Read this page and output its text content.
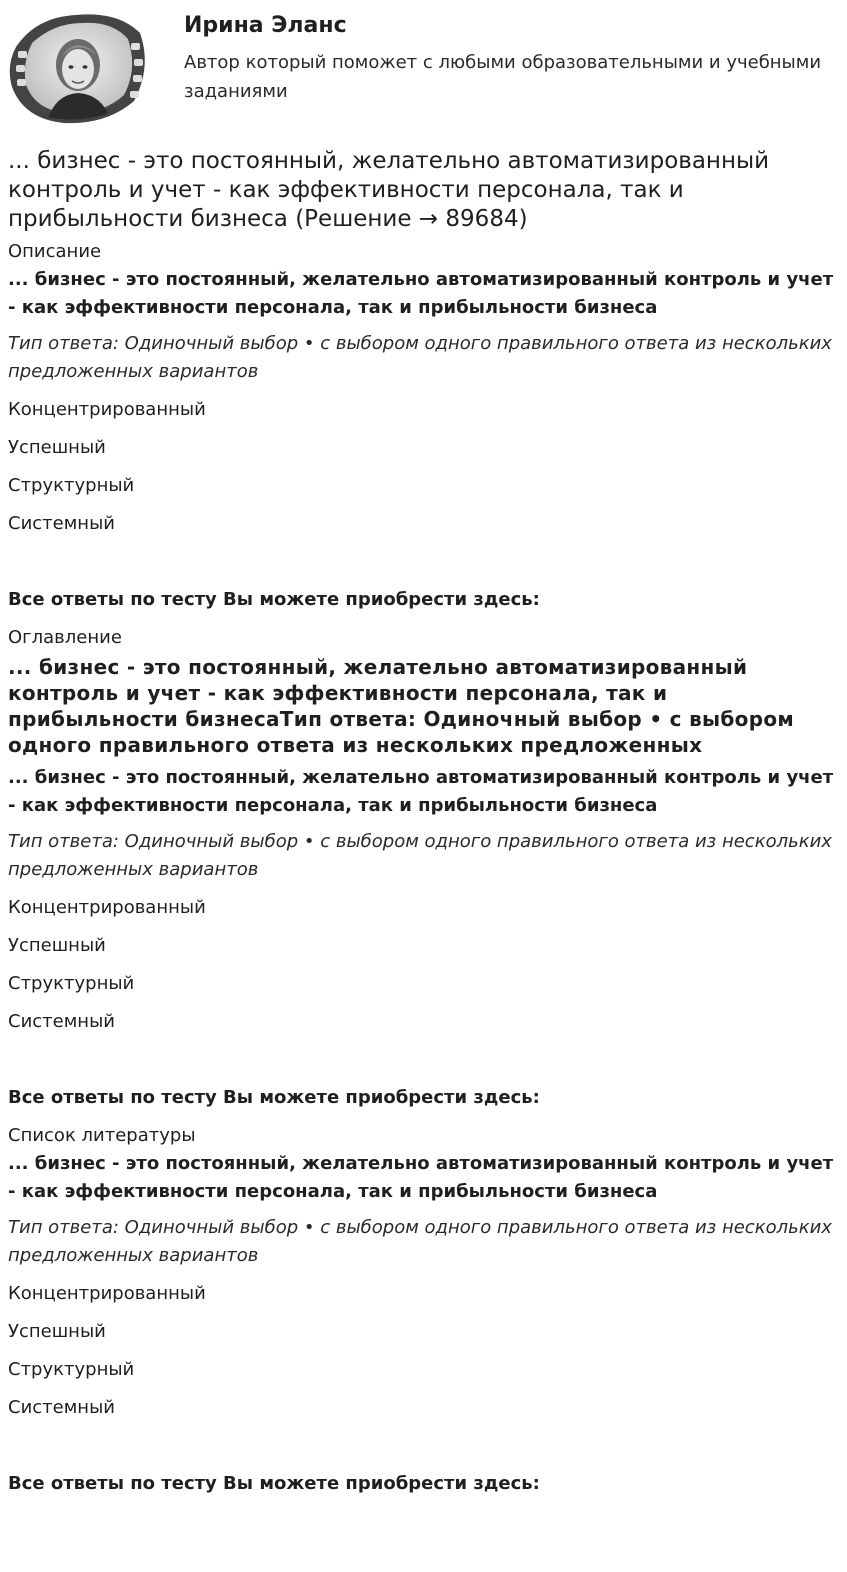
Ирина Эланс
Автор который поможет с любыми образовательными и учебными заданиями
... бизнес - это постоянный, желательно автоматизированный контроль и учет - как эффективности персонала, так и прибыльности бизнеса (Решение → 89684)

Описание

... бизнес - это постоянный, желательно автоматизированный контроль и учет - как эффективности персонала, так и прибыльности бизнеса

Тип ответа: Одиночный выбор • с выбором одного правильного ответа из нескольких предложенных вариантов

Концентрированный

Успешный

Структурный

Системный

Все ответы по тесту Вы можете приобрести здесь:

Оглавление

... бизнес - это постоянный, желательно автоматизированный контроль и учет - как эффективности персонала, так и прибыльности бизнесаТип ответа: Одиночный выбор • с выбором одного правильного ответа из нескольких предложенных

... бизнес - это постоянный, желательно автоматизированный контроль и учет - как эффективности персонала, так и прибыльности бизнеса

Тип ответа: Одиночный выбор • с выбором одного правильного ответа из нескольких предложенных вариантов

Концентрированный

Успешный

Структурный

Системный

Все ответы по тесту Вы можете приобрести здесь:

Список литературы

... бизнес - это постоянный, желательно автоматизированный контроль и учет - как эффективности персонала, так и прибыльности бизнеса

Тип ответа: Одиночный выбор • с выбором одного правильного ответа из нескольких предложенных вариантов

Концентрированный

Успешный

Структурный

Системный

Все ответы по тесту Вы можете приобрести здесь:
